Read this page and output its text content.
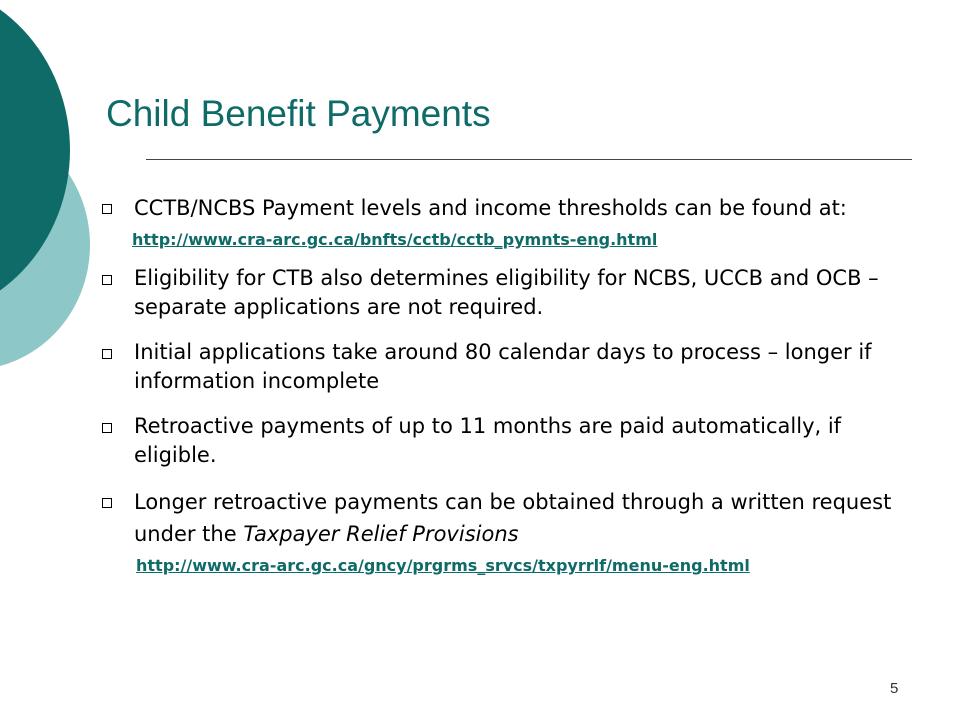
Child Benefit Payments
CCTB/NCBS Payment levels and income thresholds can be found at:
http://www.cra-arc.gc.ca/bnfts/cctb/cctb_pymnts-eng.html
Eligibility for CTB also determines eligibility for NCBS, UCCB and OCB – separate applications are not required.
Initial applications take around 80 calendar days to process – longer if information incomplete
Retroactive payments of up to 11 months are paid automatically, if eligible.
Longer retroactive payments can be obtained through a written request under the Taxpayer Relief Provisions
http://www.cra-arc.gc.ca/gncy/prgrms_srvcs/txpyrrlf/menu-eng.html
5
